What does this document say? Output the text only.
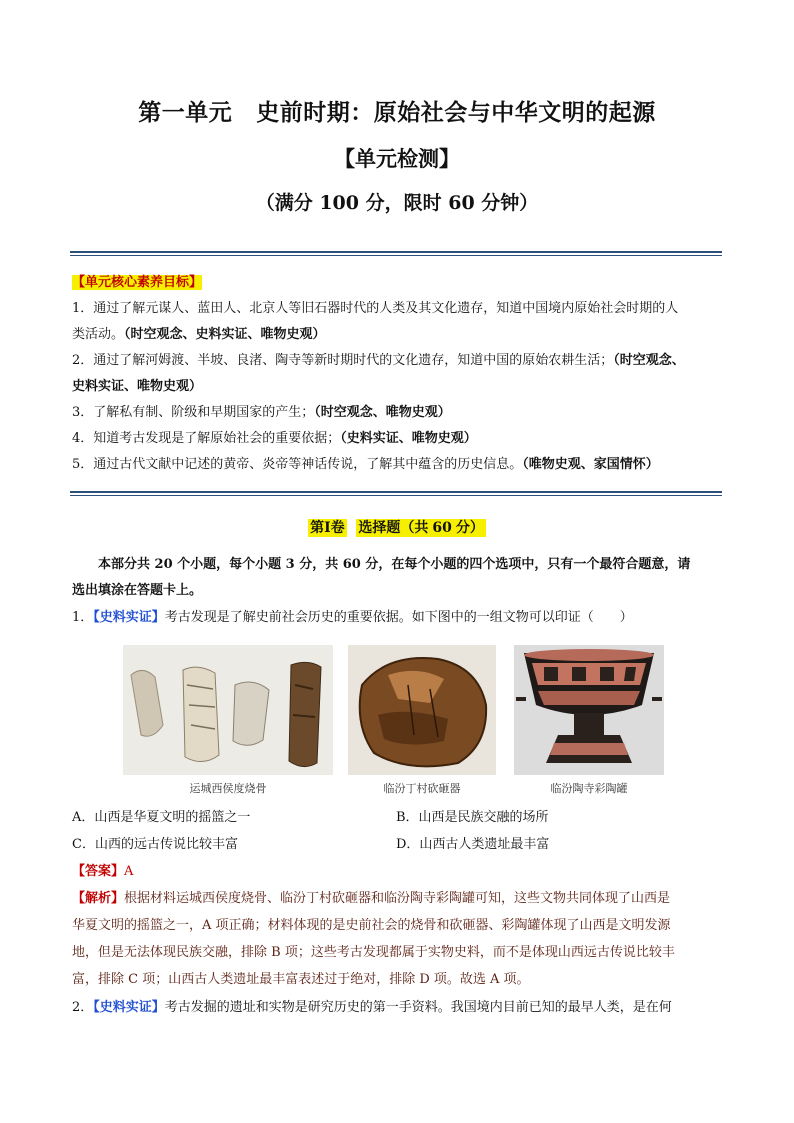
第一单元 史前时期：原始社会与中华文明的起源
【单元检测】
（满分 100 分，限时 60 分钟）
【单元核心素养目标】
1．通过了解元谋人、蓝田人、北京人等旧石器时代的人类及其文化遗存，知道中国境内原始社会时期的人
类活动。（时空观念、史料实证、唯物史观）
2．通过了解河姆渡、半坡、良渚、陶寺等新时期时代的文化遗存，知道中国的原始农耕生活；（时空观念、
史料实证、唯物史观）
3．了解私有制、阶级和早期国家的产生；（时空观念、唯物史观）
4．知道考古发现是了解原始社会的重要依据；（史料实证、唯物史观）
5．通过古代文献中记述的黄帝、炎帝等神话传说，了解其中蕴含的历史信息。（唯物史观、家国情怀）
第Ⅰ卷 选择题（共 60 分）
本部分共 20 个小题，每个小题 3 分，共 60 分，在每个小题的四个选项中，只有一个最符合题意，请
选出填涂在答题卡上。
1．【史料实证】考古发现是了解史前社会历史的重要依据。如下图中的一组文物可以印证（　　）
运城西侯度烧骨	临汾丁村砍砸器	临汾陶寺彩陶罐
A．山西是华夏文明的摇篮之一	B．山西是民族交融的场所
C．山西的远古传说比较丰富	D．山西古人类遗址最丰富
【答案】A
【解析】根据材料运城西侯度烧骨、临汾丁村砍砸器和临汾陶寺彩陶罐可知，这些文物共同体现了山西是
华夏文明的摇篮之一，A 项正确；材料体现的是史前社会的烧骨和砍砸器、彩陶罐体现了山西是文明发源
地，但是无法体现民族交融，排除 B 项；这些考古发现都属于实物史料，而不是体现山西远古传说比较丰
富，排除 C 项；山西古人类遗址最丰富表述过于绝对，排除 D 项。故选 A 项。
2．【史料实证】考古发掘的遗址和实物是研究历史的第一手资料。我国境内目前已知的最早人类，是在何
